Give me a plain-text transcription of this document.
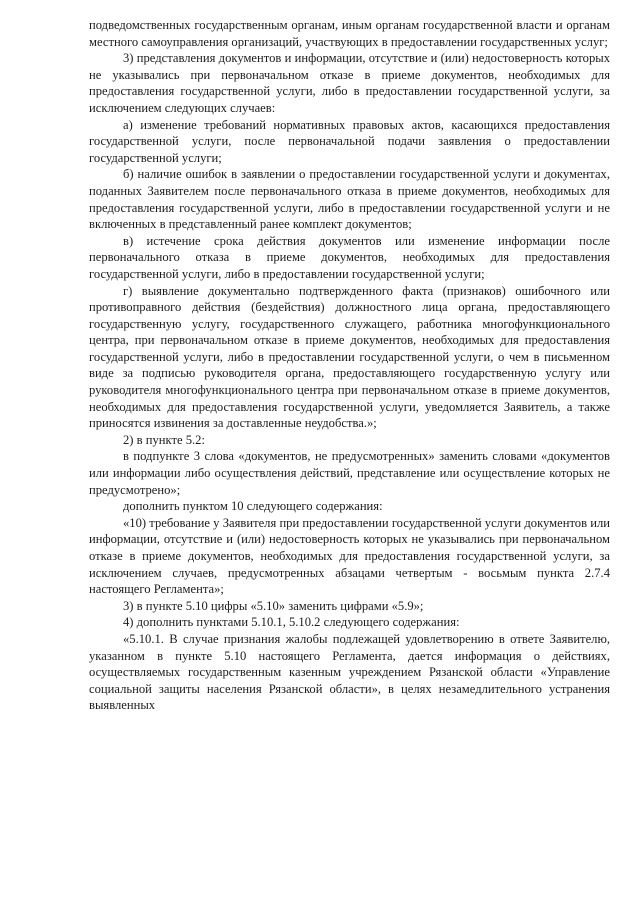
подведомственных государственным органам, иным органам государственной власти и органам местного самоуправления организаций, участвующих в предоставлении государственных услуг;

3) представления документов и информации, отсутствие и (или) недостоверность которых не указывались при первоначальном отказе в приеме документов, необходимых для предоставления государственной услуги, либо в предоставлении государственной услуги, за исключением следующих случаев:

а) изменение требований нормативных правовых актов, касающихся предоставления государственной услуги, после первоначальной подачи заявления о предоставлении государственной услуги;

б) наличие ошибок в заявлении о предоставлении государственной услуги и документах, поданных Заявителем после первоначального отказа в приеме документов, необходимых для предоставления государственной услуги, либо в предоставлении государственной услуги и не включенных в представленный ранее комплект документов;

в) истечение срока действия документов или изменение информации после первоначального отказа в приеме документов, необходимых для предоставления государственной услуги, либо в предоставлении государственной услуги;

г) выявление документально подтвержденного факта (признаков) ошибочного или противоправного действия (бездействия) должностного лица органа, предоставляющего государственную услугу, государственного служащего, работника многофункционального центра, при первоначальном отказе в приеме документов, необходимых для предоставления государственной услуги, либо в предоставлении государственной услуги, о чем в письменном виде за подписью руководителя органа, предоставляющего государственную услугу или руководителя многофункционального центра при первоначальном отказе в приеме документов, необходимых для предоставления государственной услуги, уведомляется Заявитель, а также приносятся извинения за доставленные неудобства.»;

2) в пункте 5.2:

в подпункте 3 слова «документов, не предусмотренных» заменить словами «документов или информации либо осуществления действий, представление или осуществление которых не предусмотрено»;

дополнить пунктом 10 следующего содержания:

«10) требование у Заявителя при предоставлении государственной услуги документов или информации, отсутствие и (или) недостоверность которых не указывались при первоначальном отказе в приеме документов, необходимых для предоставления государственной услуги, за исключением случаев, предусмотренных абзацами четвертым - восьмым пункта 2.7.4 настоящего Регламента»;

3) в пункте 5.10 цифры «5.10» заменить цифрами «5.9»;

4) дополнить пунктами 5.10.1, 5.10.2 следующего содержания:

«5.10.1. В случае признания жалобы подлежащей удовлетворению в ответе Заявителю, указанном в пункте 5.10 настоящего Регламента, дается информация о действиях, осуществляемых государственным казенным учреждением Рязанской области «Управление социальной защиты населения Рязанской области», в целях незамедлительного устранения выявленных
